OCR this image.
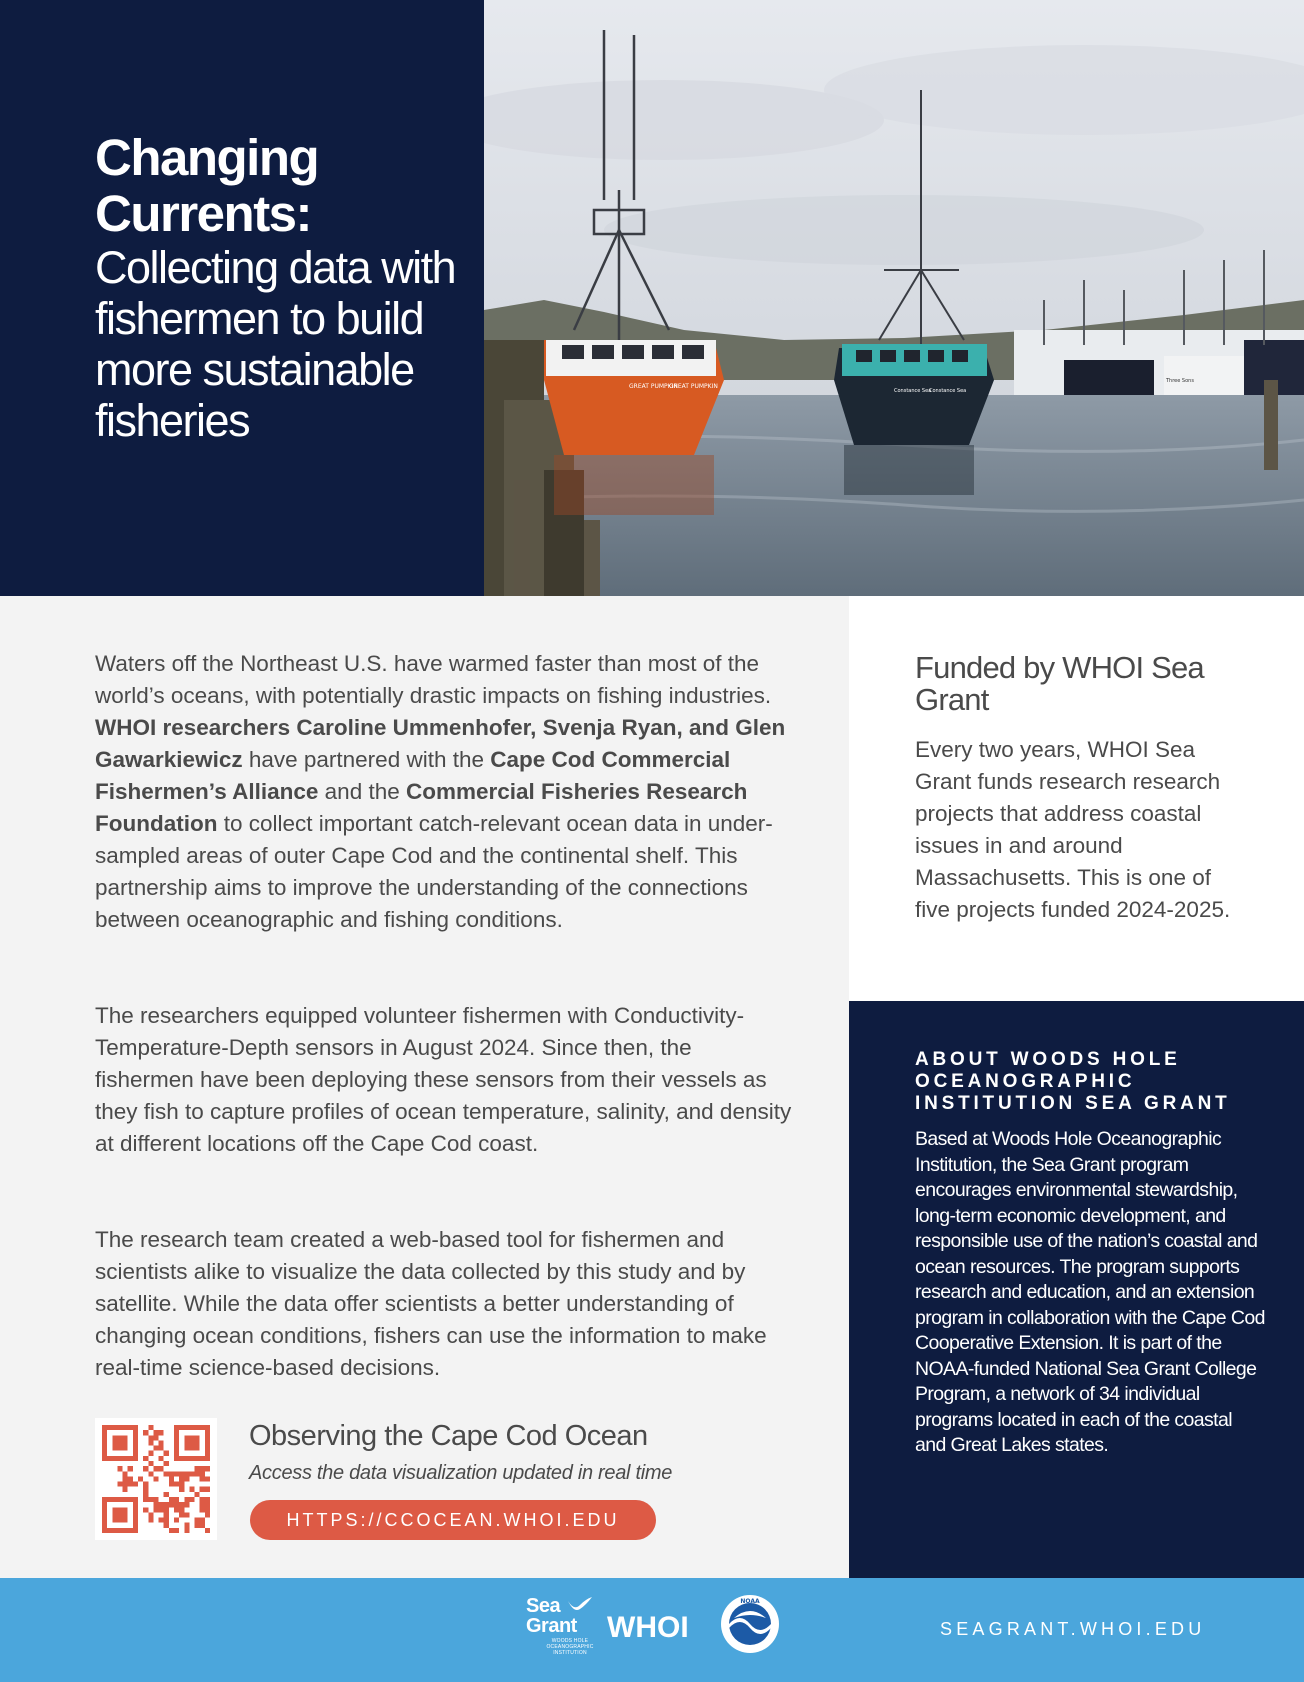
Changing Currents:
Collecting data with fishermen to build more sustainable fisheries
GREAT PUMPKIN
GREAT PUMPKIN
Constance Sea
Constance Sea
Three Sons

Waters off the Northeast U.S. have warmed faster than most of the world’s oceans, with potentially drastic impacts on fishing industries. WHOI researchers Caroline Ummenhofer, Svenja Ryan, and Glen Gawarkiewicz have partnered with the Cape Cod Commercial Fishermen’s Alliance and the Commercial Fisheries Research Foundation to collect important catch-relevant ocean data in under-sampled areas of outer Cape Cod and the continental shelf. This partnership aims to improve the understanding of the connections between oceanographic and fishing conditions.

The researchers equipped volunteer fishermen with Conductivity-Temperature-Depth sensors in August 2024. Since then, the fishermen have been deploying these sensors from their vessels as they fish to capture profiles of ocean temperature, salinity, and density at different locations off the Cape Cod coast.

The research team created a web-based tool for fishermen and scientists alike to visualize the data collected by this study and by satellite. While the data offer scientists a better understanding of changing ocean conditions, fishers can use the information to make real-time science-based decisions.

Observing the Cape Cod Ocean

Access the data visualization updated in real time

HTTPS://CCOCEAN.WHOI.EDU
Funded by WHOI Sea Grant

Every two years, WHOI Sea Grant funds research research projects that address coastal issues in and around Massachusetts. This is one of five projects funded 2024-2025.

ABOUT WOODS HOLE OCEANOGRAPHIC INSTITUTION SEA GRANT

Based at Woods Hole Oceanographic Institution, the Sea Grant program encourages environmental stewardship, long-term economic development, and responsible use of the nation’s coastal and ocean resources. The program supports research and education, and an extension program in collaboration with the Cape Cod Cooperative Extension. It is part of the NOAA-funded National Sea Grant College Program, a network of 34 individual programs located in each of the coastal and Great Lakes states.

Sea
Grant
WOODS HOLE OCEANOGRAPHIC INSTITUTION
WHOI
NOAA
SEAGRANT.WHOI.EDU
